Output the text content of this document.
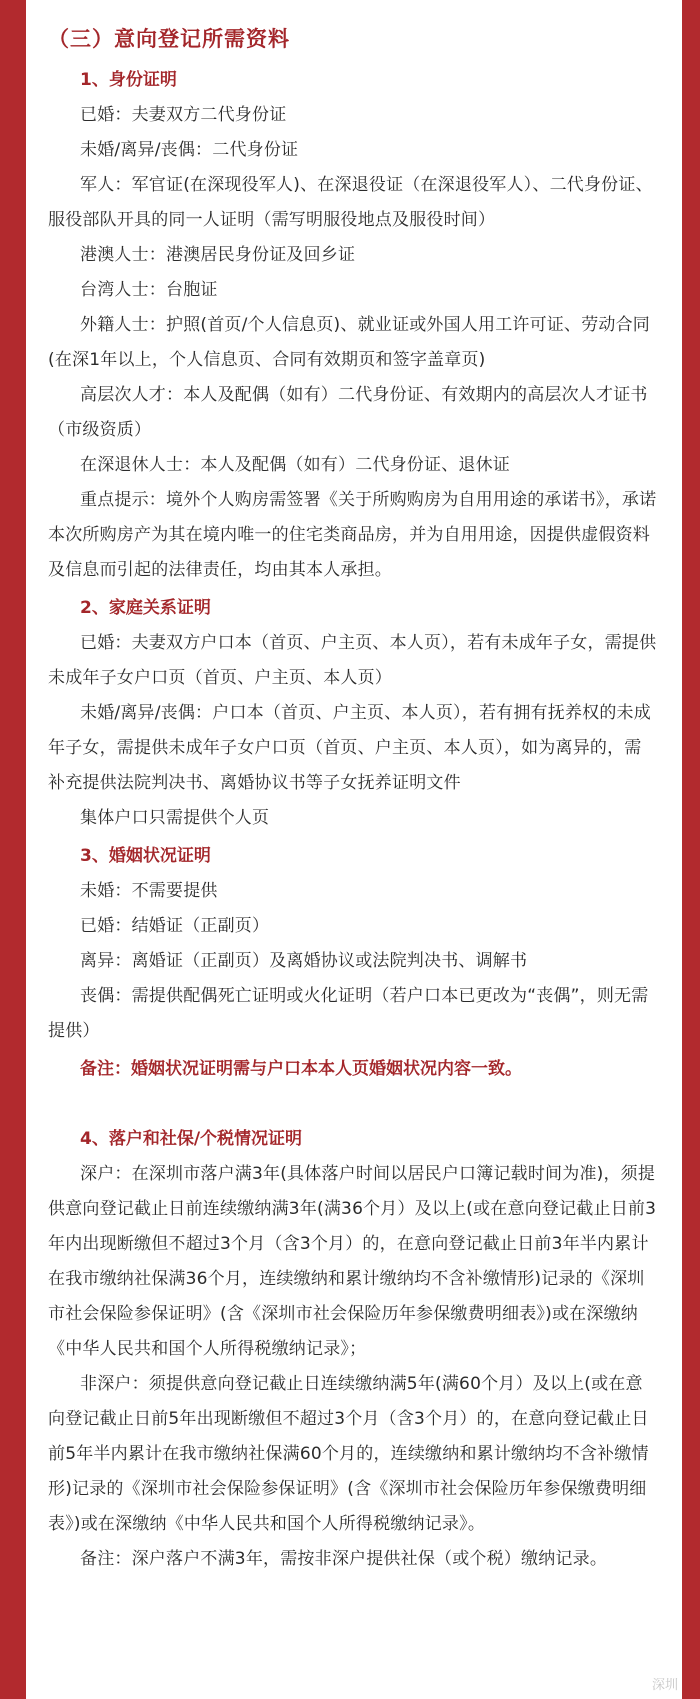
（三）意向登记所需资料
1、身份证明

已婚：夫妻双方二代身份证

未婚/离异/丧偶：二代身份证

军人：军官证(在深现役军人)、在深退役证（在深退役军人）、二代身份证、服役部队开具的同一人证明（需写明服役地点及服役时间）

港澳人士：港澳居民身份证及回乡证

台湾人士：台胞证

外籍人士：护照(首页/个人信息页)、就业证或外国人用工许可证、劳动合同(在深1年以上，个人信息页、合同有效期页和签字盖章页)

高层次人才：本人及配偶（如有）二代身份证、有效期内的高层次人才证书（市级资质）

在深退休人士：本人及配偶（如有）二代身份证、退休证

重点提示：境外个人购房需签署《关于所购购房为自用用途的承诺书》，承诺本次所购房产为其在境内唯一的住宅类商品房，并为自用用途，因提供虚假资料及信息而引起的法律责任，均由其本人承担。

2、家庭关系证明

已婚：夫妻双方户口本（首页、户主页、本人页），若有未成年子女，需提供未成年子女户口页（首页、户主页、本人页）

未婚/离异/丧偶：户口本（首页、户主页、本人页），若有拥有抚养权的未成年子女，需提供未成年子女户口页（首页、户主页、本人页），如为离异的，需补充提供法院判决书、离婚协议书等子女抚养证明文件

集体户口只需提供个人页

3、婚姻状况证明

未婚：不需要提供

已婚：结婚证（正副页）

离异：离婚证（正副页）及离婚协议或法院判决书、调解书

丧偶：需提供配偶死亡证明或火化证明（若户口本已更改为“丧偶”，则无需提供）

备注：婚姻状况证明需与户口本本人页婚姻状况内容一致。
4、落户和社保/个税情况证明

深户：在深圳市落户满3年(具体落户时间以居民户口簿记载时间为准)，须提供意向登记截止日前连续缴纳满3年(满36个月）及以上(或在意向登记截止日前3年内出现断缴但不超过3个月（含3个月）的，在意向登记截止日前3年半内累计在我市缴纳社保满36个月，连续缴纳和累计缴纳均不含补缴情形)记录的《深圳市社会保险参保证明》(含《深圳市社会保险历年参保缴费明细表》)或在深缴纳《中华人民共和国个人所得税缴纳记录》；

非深户：须提供意向登记截止日连续缴纳满5年(满60个月）及以上(或在意向登记截止日前5年出现断缴但不超过3个月（含3个月）的，在意向登记截止日前5年半内累计在我市缴纳社保满60个月的，连续缴纳和累计缴纳均不含补缴情形)记录的《深圳市社会保险参保证明》(含《深圳市社会保险历年参保缴费明细表》)或在深缴纳《中华人民共和国个人所得税缴纳记录》。

备注：深户落户不满3年，需按非深户提供社保（或个税）缴纳记录。

深圳
